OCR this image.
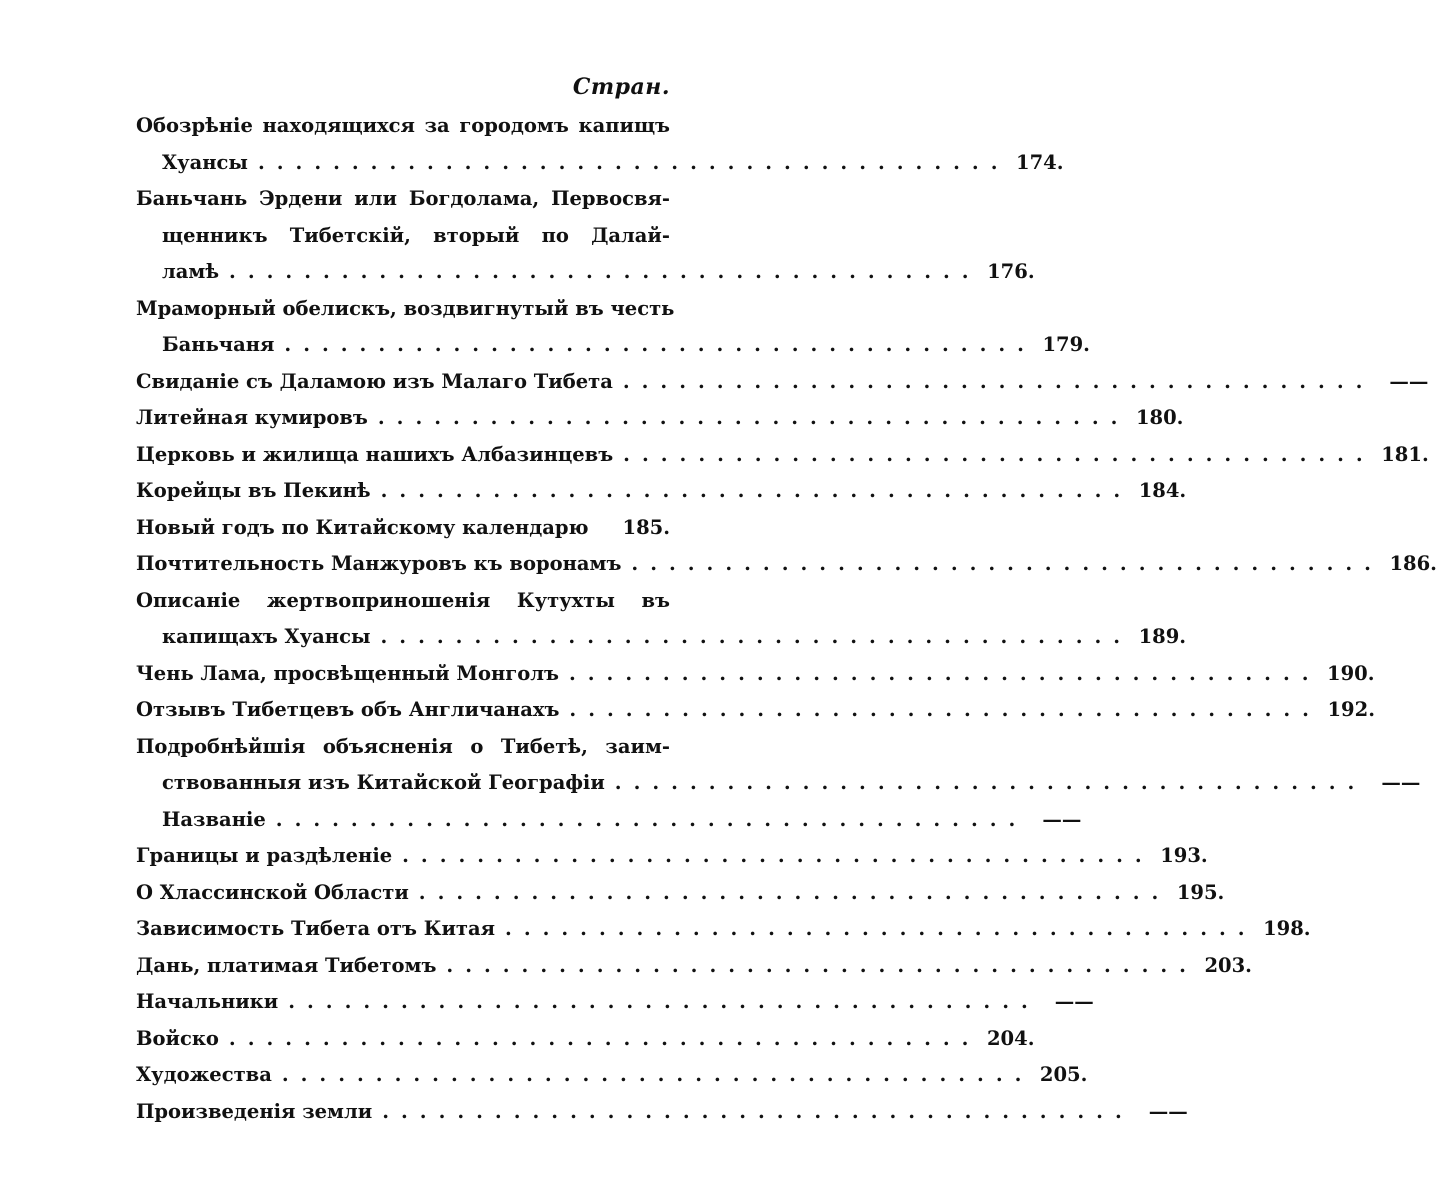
Стран.
Обозрѣнiе находящихся за городомъ капищъ
Хуансы ........................................ 174.
Баньчань Эрдени или Богдолама, Первосвя-
щенникъ Тибетскiй, вторый по Далай-
ламѣ ........................................ 176.
Мраморный обелискъ, воздвигнутый въ честь
Баньчаня ........................................ 179.
Свиданiе съ Даламою изъ Малаго Тибета ........................................ ——
Литейная кумировъ ........................................ 180.
Церковь и жилища нашихъ Албазинцевъ ........................................ 181.
Корейцы въ Пекинѣ ........................................ 184.
Новый годъ по Китайскому календарю	185.
Почтительность Манжуровъ къ воронамъ ........................................ 186.
Описанiе жертвоприношенiя Кутухты въ
капищахъ Хуансы ........................................ 189.
Чень Лама, просвѣщенный Монголъ ........................................ 190.
Отзывъ Тибетцевъ объ Англичанахъ ........................................ 192.
Подробнѣйшiя объясненiя о Тибетѣ, заим-
ствованныя изъ Китайской Географiи ........................................ ——
Названiе ........................................ ——
Границы и раздѣленiе ........................................ 193.
О Хлассинской Области ........................................ 195.
Зависимость Тибета отъ Китая ........................................ 198.
Дань, платимая Тибетомъ ........................................ 203.
Начальники ........................................ ——
Войско ........................................ 204.
Художества ........................................ 205.
Произведенiя земли ........................................ ——
